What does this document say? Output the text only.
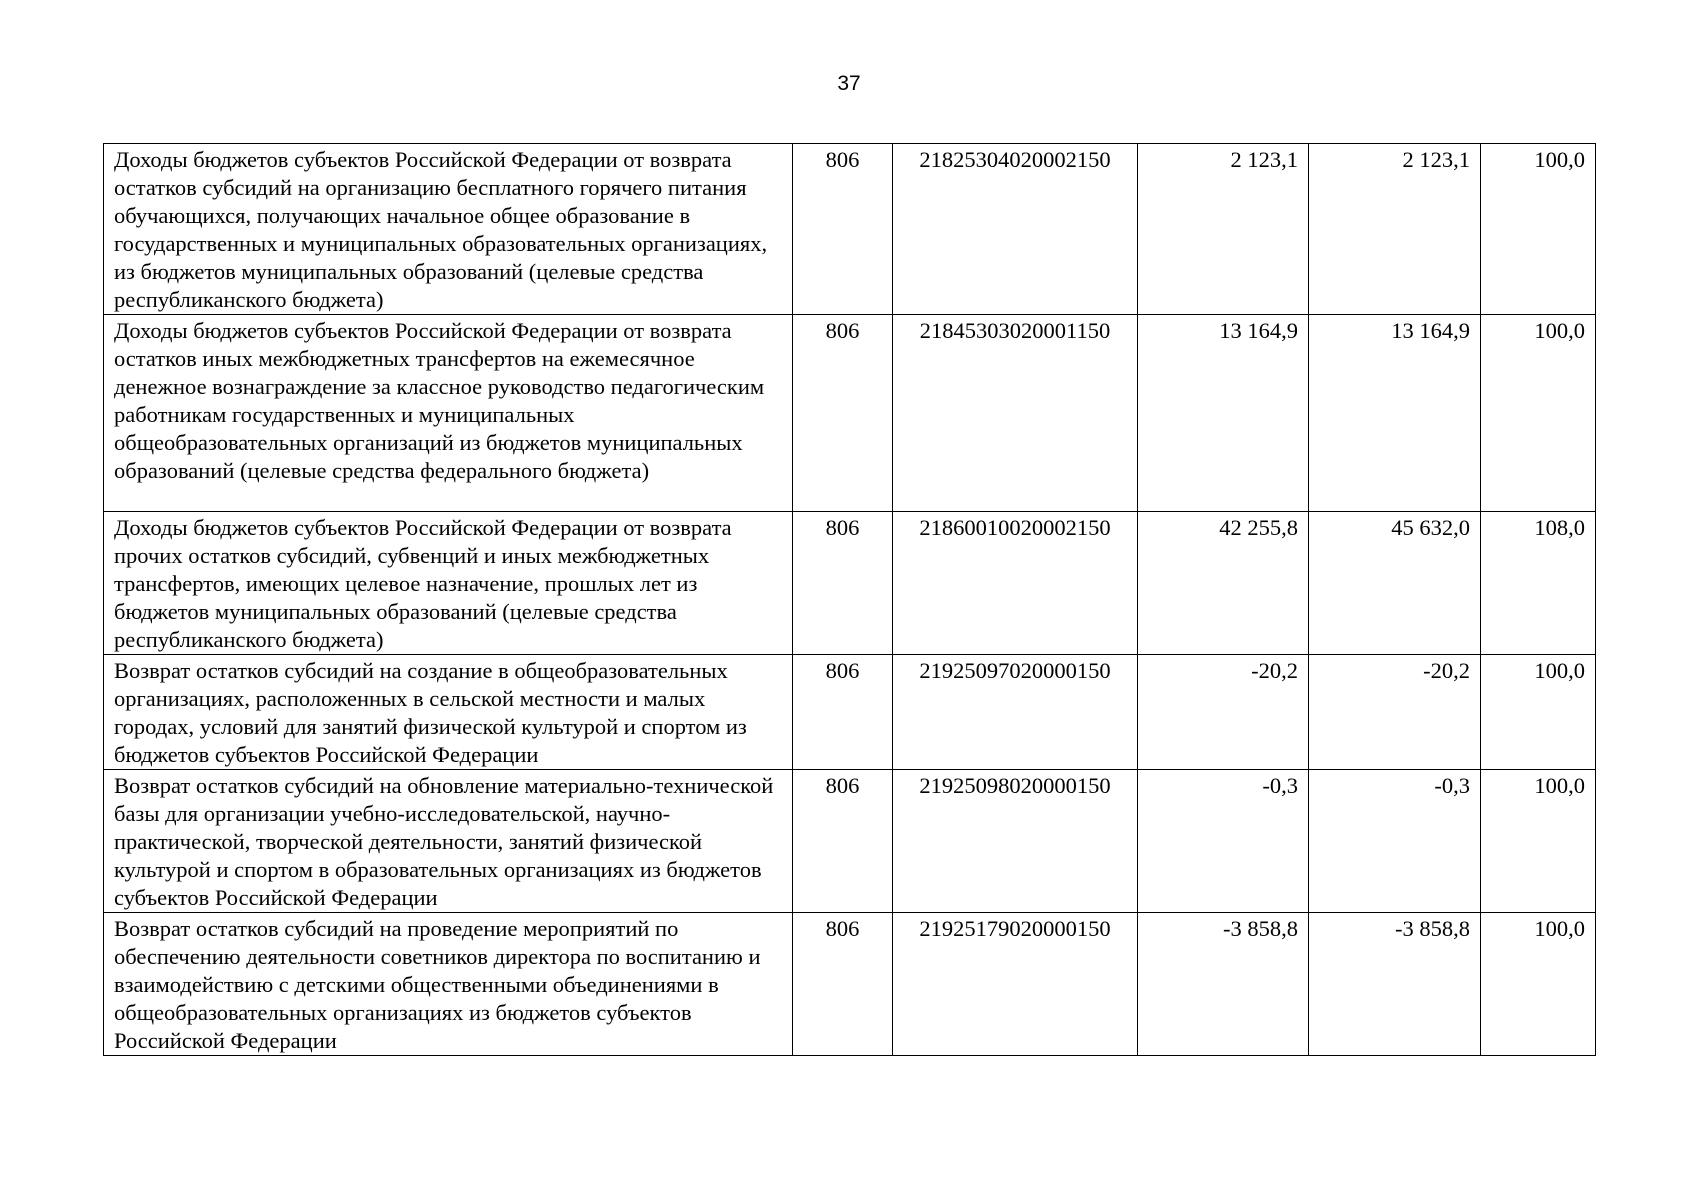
37
Доходы бюджетов субъектов Российской Федерации от возврата остатков субсидий на организацию бесплатного горячего питания обучающихся, получающих начальное общее образование в государственных и муниципальных образовательных организациях, из бюджетов муниципальных образований (целевые средства республиканского бюджета)	806	21825304020002150	2 123,1	2 123,1	100,0
Доходы бюджетов субъектов Российской Федерации от возврата остатков иных межбюджетных трансфертов на ежемесячное денежное вознаграждение за классное руководство педагогическим работникам государственных и муниципальных общеобразовательных организаций из бюджетов муниципальных образований (целевые средства федерального бюджета)	806	21845303020001150	13 164,9	13 164,9	100,0
Доходы бюджетов субъектов Российской Федерации от возврата прочих остатков субсидий, субвенций и иных межбюджетных трансфертов, имеющих целевое назначение, прошлых лет из бюджетов муниципальных образований (целевые средства республиканского бюджета)	806	21860010020002150	42 255,8	45 632,0	108,0
Возврат остатков субсидий на создание в общеобразовательных организациях, расположенных в сельской местности и малых городах, условий для занятий физической культурой и спортом из бюджетов субъектов Российской Федерации	806	21925097020000150	-20,2	-20,2	100,0
Возврат остатков субсидий на обновление материально-технической базы для организации учебно-исследовательской, научно-практической, творческой деятельности, занятий физической культурой и спортом в образовательных организациях из бюджетов субъектов Российской Федерации	806	21925098020000150	-0,3	-0,3	100,0
Возврат остатков субсидий на проведение мероприятий по обеспечению деятельности советников директора по воспитанию и взаимодействию с детскими общественными объединениями в общеобразовательных организациях из бюджетов субъектов Российской Федерации	806	21925179020000150	-3 858,8	-3 858,8	100,0
